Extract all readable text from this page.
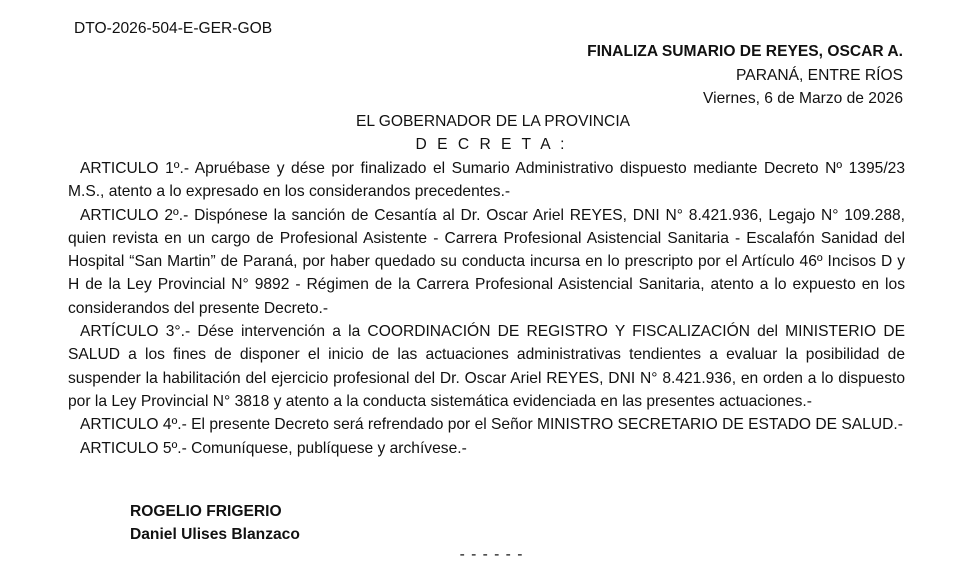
DTO-2026-504-E-GER-GOB
FINALIZA SUMARIO DE REYES, OSCAR A.
PARANÁ, ENTRE RÍOS
Viernes, 6 de Marzo de 2026
EL GOBERNADOR DE LA PROVINCIA
D E C R E T A :

ARTICULO 1º.- Apruébase y dése por finalizado el Sumario Administrativo dispuesto mediante Decreto Nº 1395/23 M.S., atento a lo expresado en los considerandos precedentes.-

ARTICULO 2º.- Dispónese la sanción de Cesantía al Dr. Oscar Ariel REYES, DNI N° 8.421.936, Legajo N° 109.288, quien revista en un cargo de Profesional Asistente - Carrera Profesional Asistencial Sanitaria - Escalafón Sanidad del Hospital “San Martin” de Paraná, por haber quedado su conducta incursa en lo prescripto por el Artículo 46º Incisos D y H de la Ley Provincial N° 9892 - Régimen de la Carrera Profesional Asistencial Sanitaria, atento a lo expuesto en los considerandos del presente Decreto.-

ARTÍCULO 3°.- Dése intervención a la COORDINACIÓN DE REGISTRO Y FISCALIZACIÓN del MINISTERIO DE SALUD a los fines de disponer el inicio de las actuaciones administrativas tendientes a evaluar la posibilidad de suspender la habilitación del ejercicio profesional del Dr. Oscar Ariel REYES, DNI N° 8.421.936, en orden a lo dispuesto por la Ley Provincial N° 3818 y atento a la conducta sistemática evidenciada en las presentes actuaciones.-

ARTICULO 4º.- El presente Decreto será refrendado por el Señor MINISTRO SECRETARIO DE ESTADO DE SALUD.-

ARTICULO 5º.- Comuníquese, publíquese y archívese.-

ROGELIO FRIGERIO
Daniel Ulises Blanzaco
- - - - - -
